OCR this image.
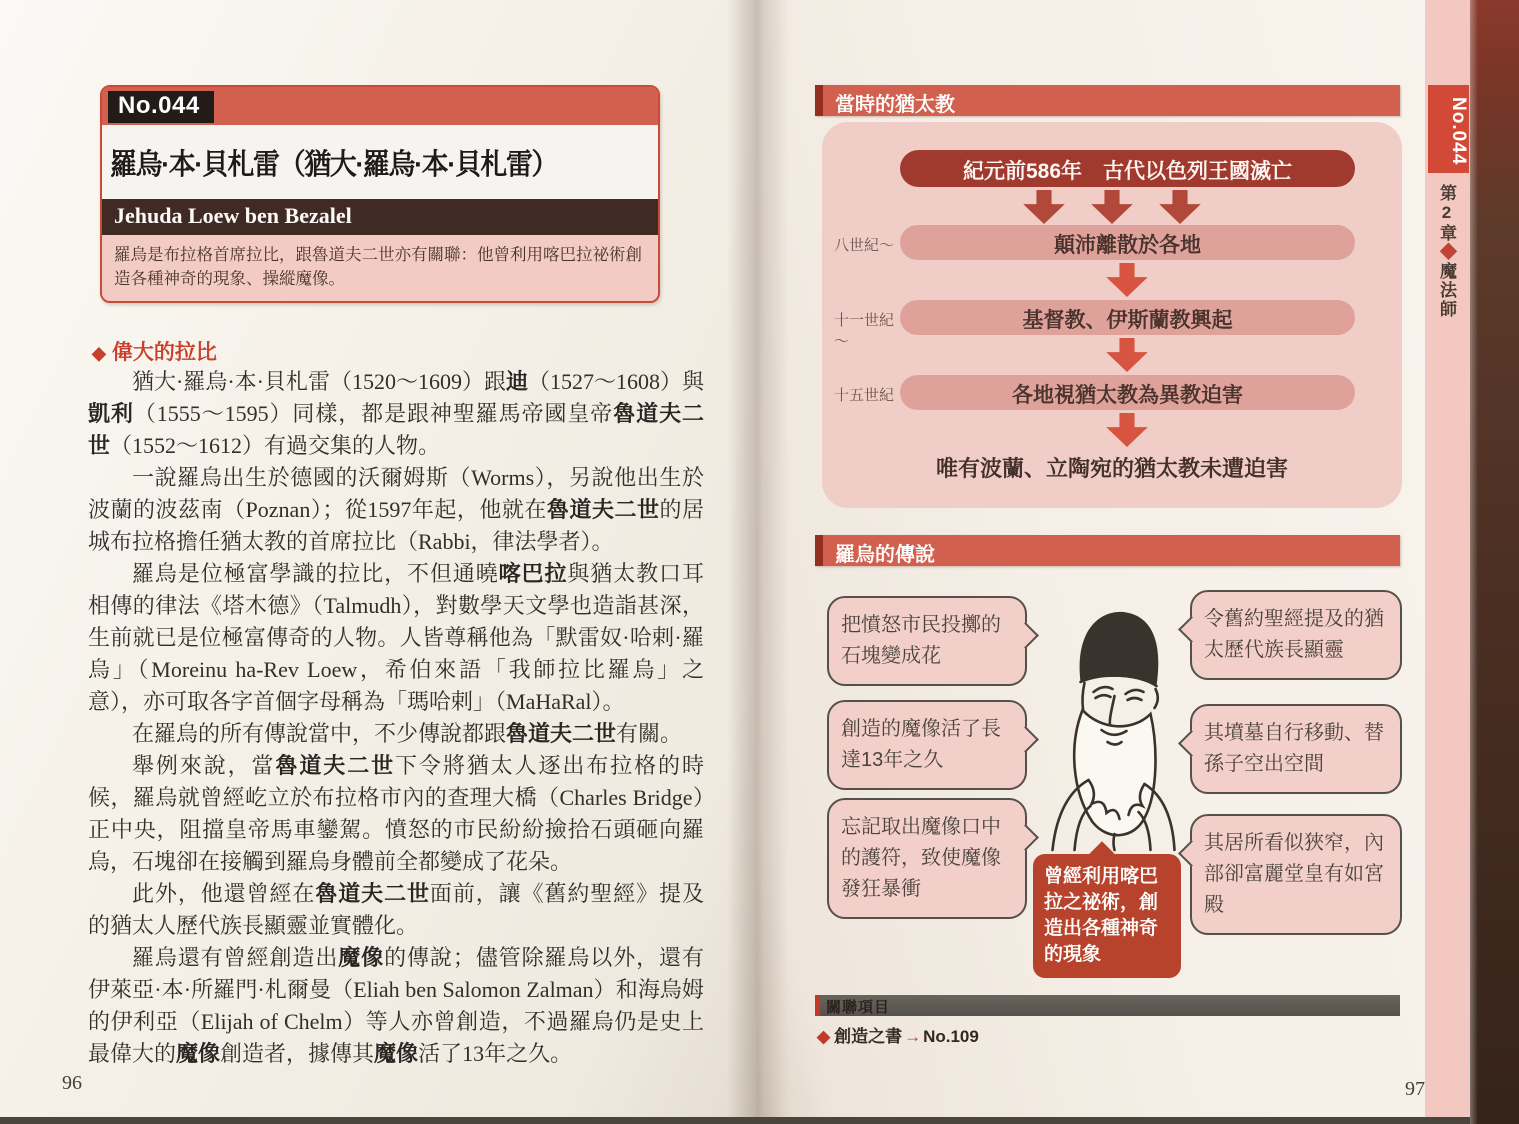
No.044
羅烏·本·貝札雷（猶大·羅烏·本·貝札雷）
Jehuda Loew ben Bezalel
羅烏是布拉格首席拉比，跟魯道夫二世亦有關聯：他曾利用喀巴拉祕術創造各種神奇的現象、操縱魔像。
◆ 偉大的拉比

猶大·羅烏·本·貝札雷（1520～1609）跟迪（1527～1608）與凱利（1555～1595）同樣，都是跟神聖羅馬帝國皇帝魯道夫二世（1552～1612）有過交集的人物。

一說羅烏出生於德國的沃爾姆斯（Worms），另說他出生於波蘭的波茲南（Poznan）；從1597年起，他就在魯道夫二世的居城布拉格擔任猶太教的首席拉比（Rabbi，律法學者）。

羅烏是位極富學識的拉比，不但通曉喀巴拉與猶太教口耳相傳的律法《塔木德》（Talmudh），對數學天文學也造詣甚深，生前就已是位極富傳奇的人物。人皆尊稱他為「默雷奴·哈剌·羅烏」（Moreinu ha-Rev Loew，希伯來語「我師拉比羅烏」之意），亦可取各字首個字母稱為「瑪哈剌」（MaHaRal）。

在羅烏的所有傳說當中，不少傳說都跟魯道夫二世有關。

舉例來說，當魯道夫二世下令將猶太人逐出布拉格的時候，羅烏就曾經屹立於布拉格市內的查理大橋（Charles Bridge）正中央，阻擋皇帝馬車鑾駕。憤怒的市民紛紛撿拾石頭砸向羅烏，石塊卻在接觸到羅烏身體前全都變成了花朵。

此外，他還曾經在魯道夫二世面前，讓《舊約聖經》提及的猶太人歷代族長顯靈並實體化。

羅烏還有曾經創造出魔像的傳說；儘管除羅烏以外，還有伊萊亞·本·所羅門·札爾曼（Eliah ben Salomon Zalman）和海烏姆的伊利亞（Elijah of Chelm）等人亦曾創造，不過羅烏仍是史上最偉大的魔像創造者，據傳其魔像活了13年之久。

96
當時的猶太教
紀元前586年　古代以色列王國滅亡

八世紀～	顛沛離散於各地
十一世紀～
基督教、伊斯蘭教興起
十五世紀	各地視猶太教為異教迫害
唯有波蘭、立陶宛的猶太教未遭迫害
羅烏的傳說
把憤怒市民投擲的石塊變成花
創造的魔像活了長達13年之久
忘記取出魔像口中的護符，致使魔像發狂暴衝
令舊約聖經提及的猶太歷代族長顯靈
其墳墓自行移動、替孫子空出空間
其居所看似狹窄，內部卻富麗堂皇有如宮殿
曾經利用喀巴拉之祕術，創造出各種神奇的現象
關聯項目
◆ 創造之書 → No.109
97
No.044
第2章◆魔法師
